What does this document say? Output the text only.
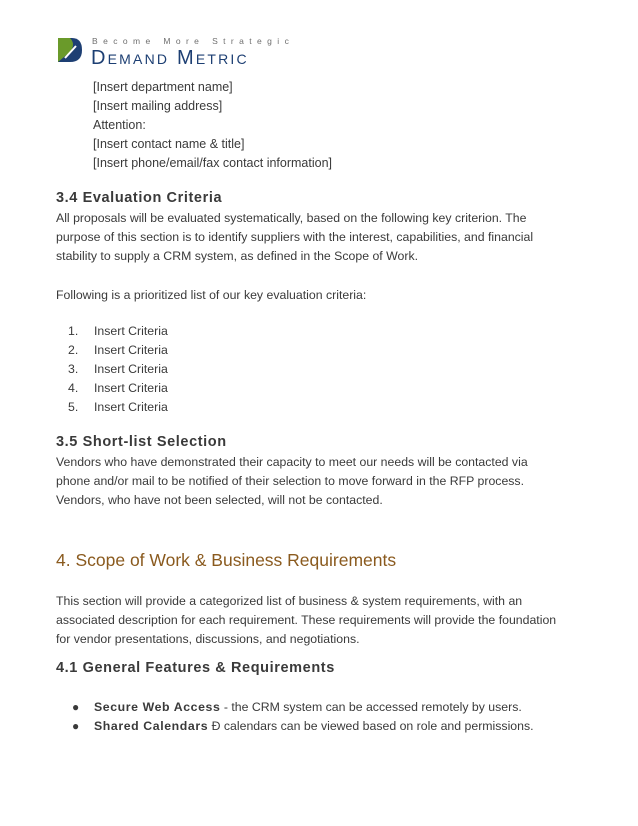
Become More Strategic
Demand Metric
[Insert department name]
[Insert mailing address]
Attention:
[Insert contact name & title]
[Insert phone/email/fax contact information]
3.4 Evaluation Criteria
All proposals will be evaluated systematically, based on the following key criterion. The
purpose of this section is to identify suppliers with the interest, capabilities, and financial
stability to supply a CRM system, as defined in the Scope of Work.
Following is a prioritized list of our key evaluation criteria:
1. Insert Criteria
2. Insert Criteria
3. Insert Criteria
4. Insert Criteria
5. Insert Criteria
3.5 Short-list Selection
Vendors who have demonstrated their capacity to meet our needs will be contacted via
phone and/or mail to be notified of their selection to move forward in the RFP process.
Vendors, who have not been selected, will not be contacted.
4. Scope of Work & Business Requirements
This section will provide a categorized list of business & system requirements, with an
associated description for each requirement. These requirements will provide the foundation
for vendor presentations, discussions, and negotiations.
4.1 General Features & Requirements
● Secure Web Access - the CRM system can be accessed remotely by users.
● Shared Calendars Ð calendars can be viewed based on role and permissions.
